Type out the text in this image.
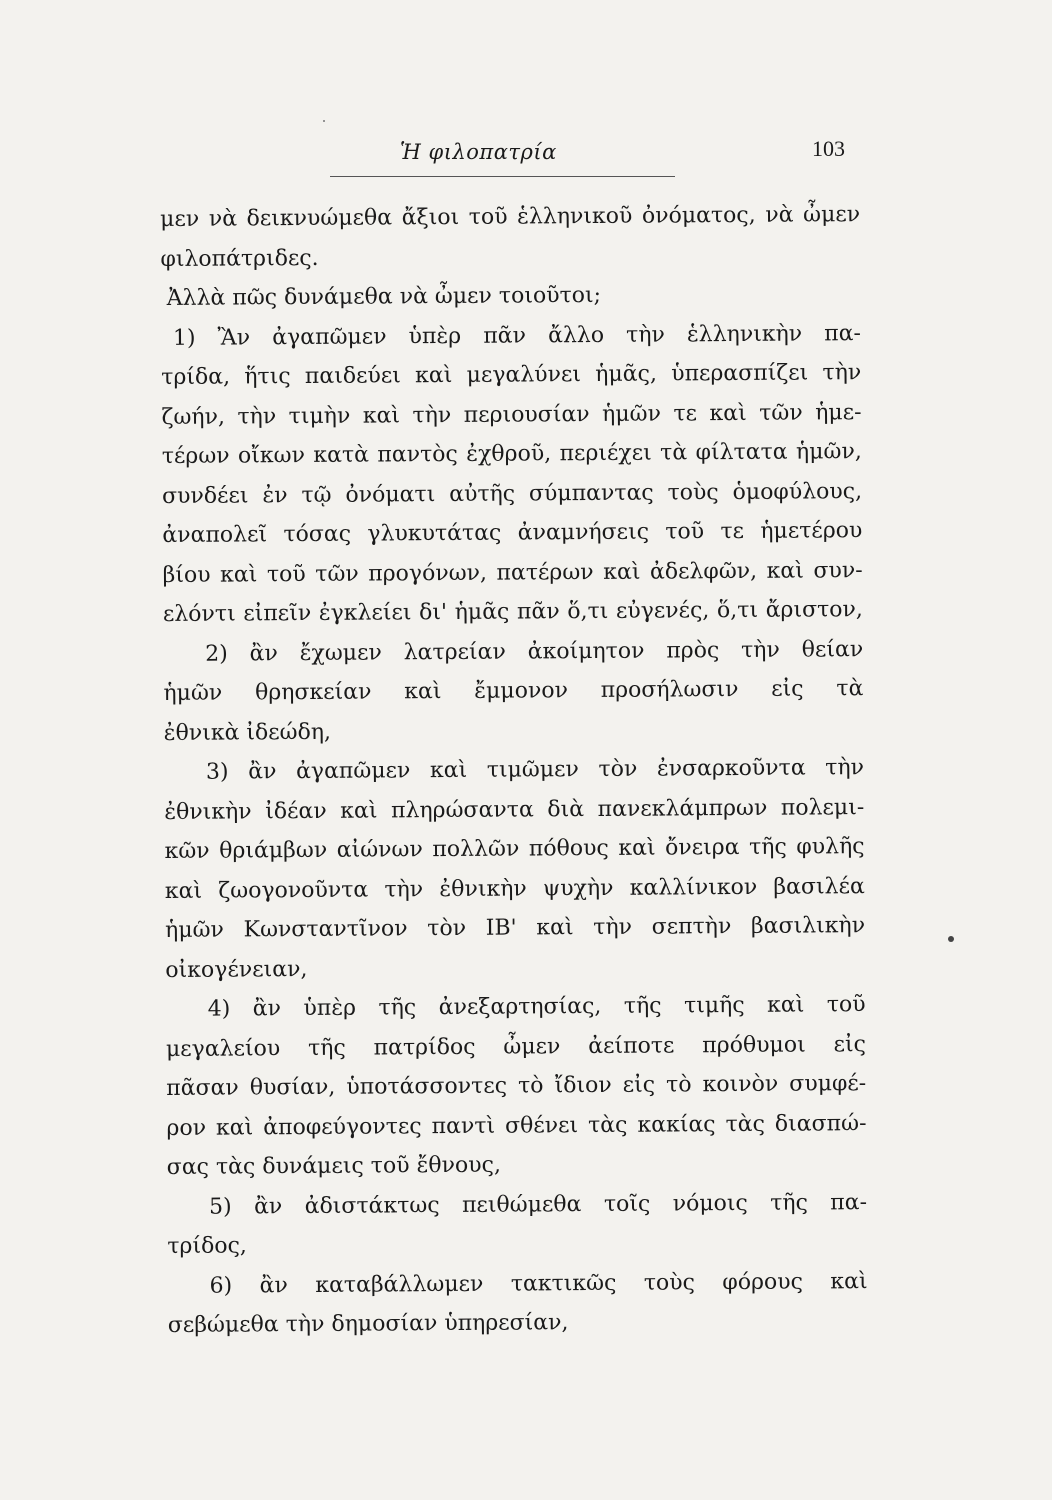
Ἡ φιλοπατρία	103
μεν νὰ δεικνυώμεθα ἄξιοι τοῦ ἑλληνικοῦ ὀνόματος, νὰ ὦμεν
φιλοπάτριδες.
Ἀλλὰ πῶς δυνάμεθα νὰ ὦμεν τοιοῦτοι;
1) Ἂν ἀγαπῶμεν ὑπὲρ πᾶν ἄλλο τὴν ἑλληνικὴν πα-
τρίδα, ἥτις παιδεύει καὶ μεγαλύνει ἡμᾶς, ὑπερασπίζει τὴν
ζωήν, τὴν τιμὴν καὶ τὴν περιουσίαν ἡμῶν τε καὶ τῶν ἡμε-
τέρων οἴκων κατὰ παντὸς ἐχθροῦ, περιέχει τὰ φίλτατα ἡμῶν,
συνδέει ἐν τῷ ὀνόματι αὐτῆς σύμπαντας τοὺς ὁμοφύλους,
ἀναπολεῖ τόσας γλυκυτάτας ἀναμνήσεις τοῦ τε ἡμετέρου
βίου καὶ τοῦ τῶν προγόνων, πατέρων καὶ ἀδελφῶν, καὶ συν-
ελόντι εἰπεῖν ἐγκλείει δι' ἡμᾶς πᾶν ὅ,τι εὐγενές, ὅ,τι ἄριστον,
2) ἂν ἔχωμεν λατρείαν ἀκοίμητον πρὸς τὴν θείαν
ἡμῶν θρησκείαν καὶ ἔμμονον προσήλωσιν εἰς τὰ
ἐθνικὰ ἰδεώδη,
3) ἂν ἀγαπῶμεν καὶ τιμῶμεν τὸν ἐνσαρκοῦντα τὴν
ἐθνικὴν ἰδέαν καὶ πληρώσαντα διὰ πανεκλάμπρων πολεμι-
κῶν θριάμβων αἰώνων πολλῶν πόθους καὶ ὄνειρα τῆς φυλῆς
καὶ ζωογονοῦντα τὴν ἐθνικὴν ψυχὴν καλλίνικον βασιλέα
ἡμῶν Κωνσταντῖνον τὸν ΙΒ' καὶ τὴν σεπτὴν βασιλικὴν
οἰκογένειαν,
4) ἂν ὑπὲρ τῆς ἀνεξαρτησίας, τῆς τιμῆς καὶ τοῦ
μεγαλείου τῆς πατρίδος ὦμεν ἀείποτε πρόθυμοι εἰς
πᾶσαν θυσίαν, ὑποτάσσοντες τὸ ἴδιον εἰς τὸ κοινὸν συμφέ-
ρον καὶ ἀποφεύγοντες παντὶ σθένει τὰς κακίας τὰς διασπώ-
σας τὰς δυνάμεις τοῦ ἔθνους,
5) ἂν ἀδιστάκτως πειθώμεθα τοῖς νόμοις τῆς πα-
τρίδος,
6) ἂν καταβάλλωμεν τακτικῶς τοὺς φόρους καὶ
σεβώμεθα τὴν δημοσίαν ὑπηρεσίαν,
